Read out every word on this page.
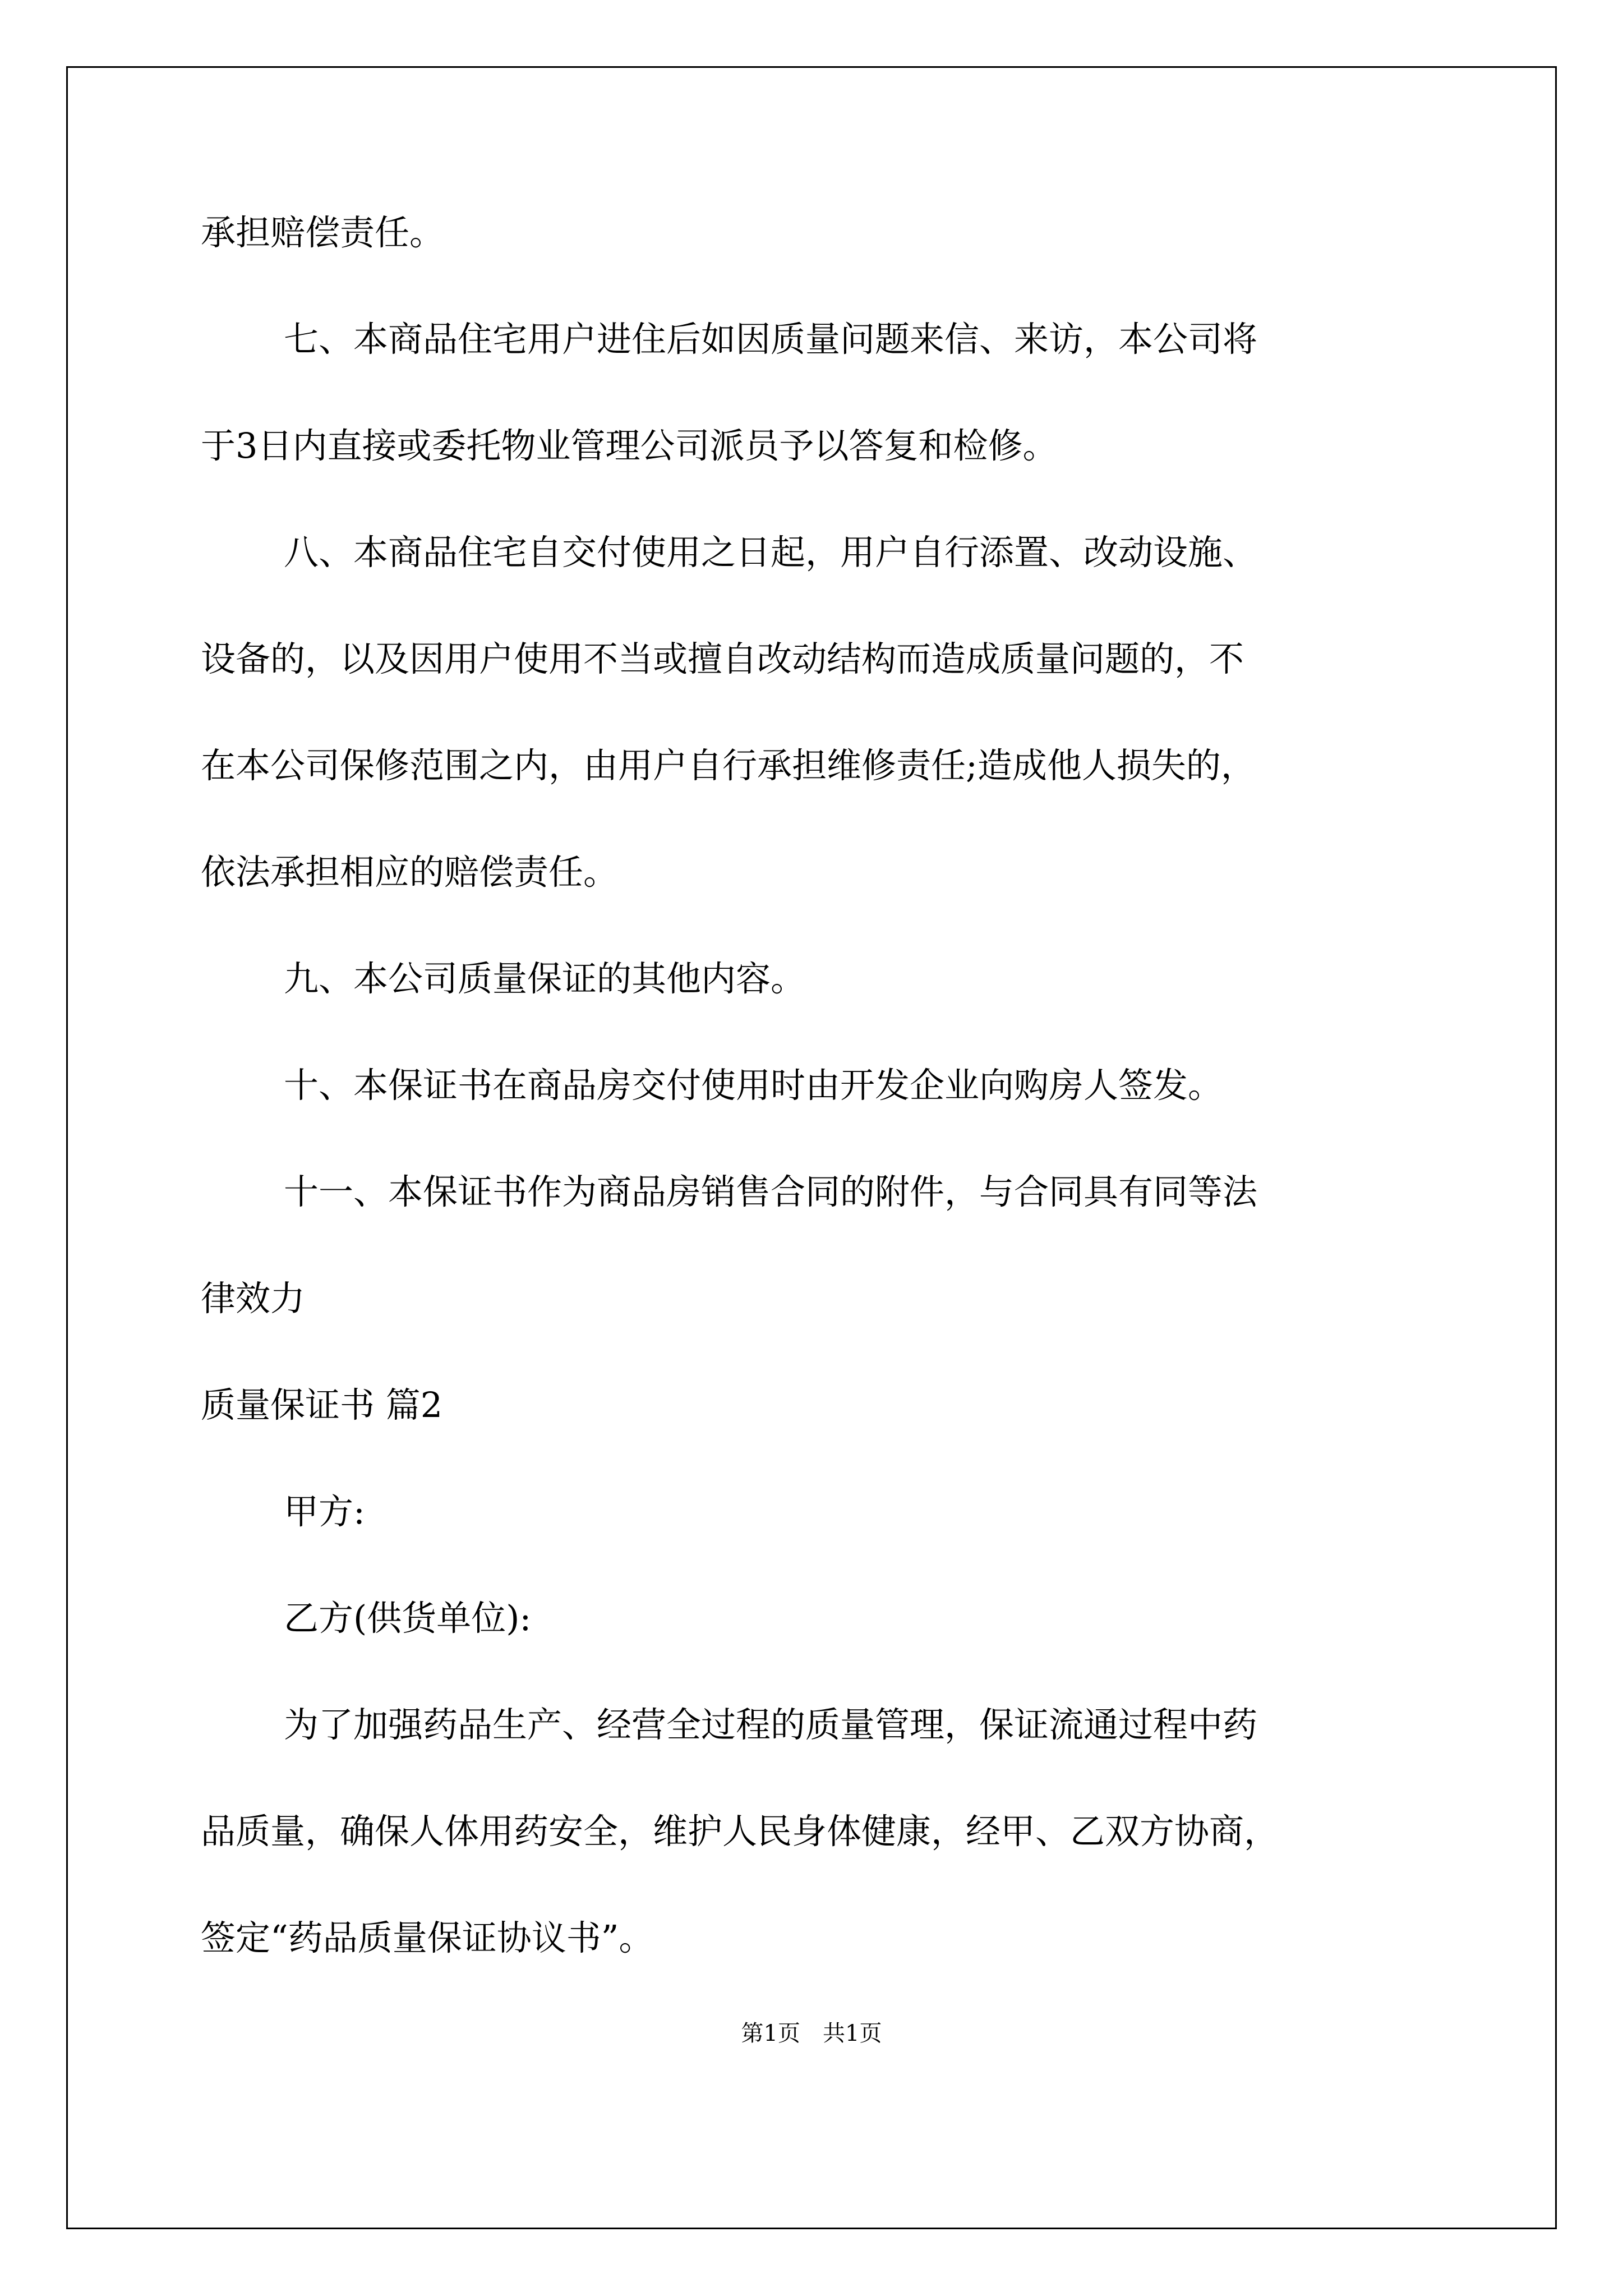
承担赔偿责任。
七、本商品住宅用户进住后如因质量问题来信、来访，本公司将
于3日内直接或委托物业管理公司派员予以答复和检修。
八、本商品住宅自交付使用之日起，用户自行添置、改动设施、
设备的，以及因用户使用不当或擅自改动结构而造成质量问题的，不
在本公司保修范围之内，由用户自行承担维修责任;造成他人损失的，
依法承担相应的赔偿责任。
九、本公司质量保证的其他内容。
十、本保证书在商品房交付使用时由开发企业向购房人签发。
十一、本保证书作为商品房销售合同的附件，与合同具有同等法
律效力
质量保证书 篇2
甲方:
乙方(供货单位):
为了加强药品生产、经营全过程的质量管理，保证流通过程中药
品质量，确保人体用药安全，维护人民身体健康，经甲、乙双方协商，
签定“药品质量保证协议书”。
第1页 共1页
